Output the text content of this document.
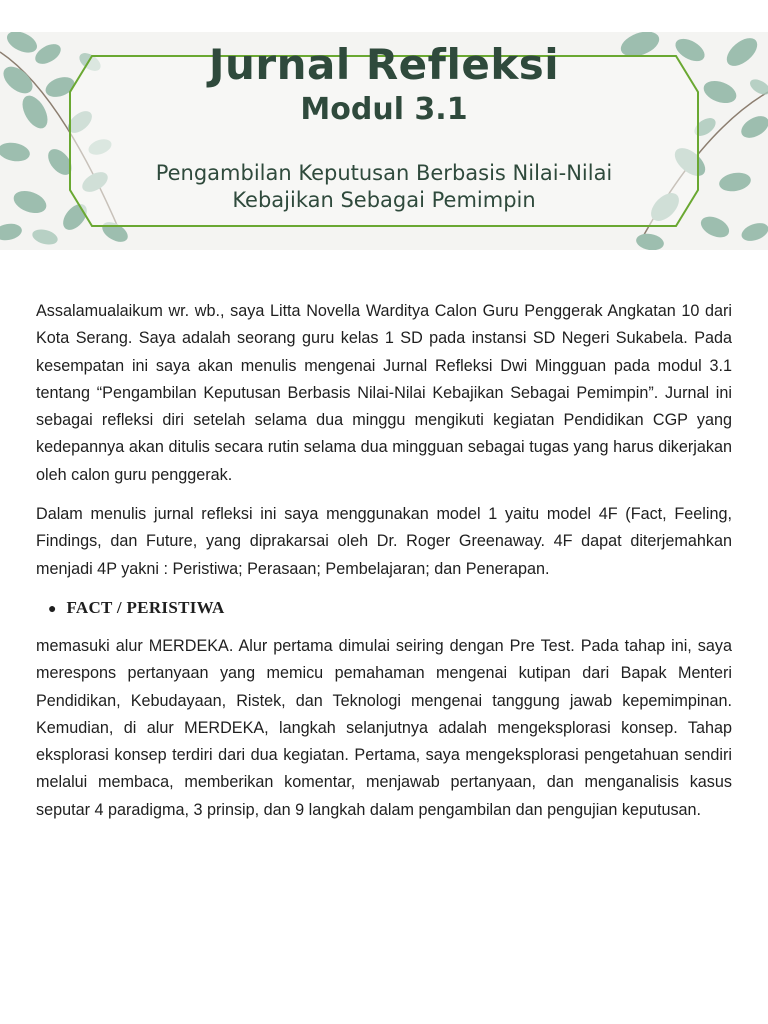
Jurnal Refleksi
Modul 3.1
Pengambilan Keputusan Berbasis Nilai-Nilai
Kebajikan Sebagai Pemimpin

Assalamualaikum wr. wb., saya Litta Novella Warditya Calon Guru Penggerak Angkatan 10 dari Kota Serang. Saya adalah seorang guru kelas 1 SD pada instansi SD Negeri Sukabela. Pada kesempatan ini saya akan menulis mengenai Jurnal Refleksi Dwi Mingguan pada modul 3.1 tentang “Pengambilan Keputusan Berbasis Nilai-Nilai Kebajikan Sebagai Pemimpin”. Jurnal ini sebagai refleksi diri setelah selama dua minggu mengikuti kegiatan Pendidikan CGP yang kedepannya akan ditulis secara rutin selama dua mingguan sebagai tugas yang harus dikerjakan oleh calon guru penggerak.

Dalam menulis jurnal refleksi ini saya menggunakan model 1 yaitu model 4F (Fact, Feeling, Findings, dan Future, yang diprakarsai oleh Dr. Roger Greenaway. 4F dapat diterjemahkan menjadi 4P yakni : Peristiwa; Perasaan; Pembelajaran; dan Penerapan.

● FACT / PERISTIWA

memasuki alur MERDEKA. Alur pertama dimulai seiring dengan Pre Test. Pada tahap ini, saya merespons pertanyaan yang memicu pemahaman mengenai kutipan dari Bapak Menteri Pendidikan, Kebudayaan, Ristek, dan Teknologi mengenai tanggung jawab kepemimpinan. Kemudian, di alur MERDEKA, langkah selanjutnya adalah mengeksplorasi konsep. Tahap eksplorasi konsep terdiri dari dua kegiatan. Pertama, saya mengeksplorasi pengetahuan sendiri melalui membaca, memberikan komentar, menjawab pertanyaan, dan menganalisis kasus seputar 4 paradigma, 3 prinsip, dan 9 langkah dalam pengambilan dan pengujian keputusan.
